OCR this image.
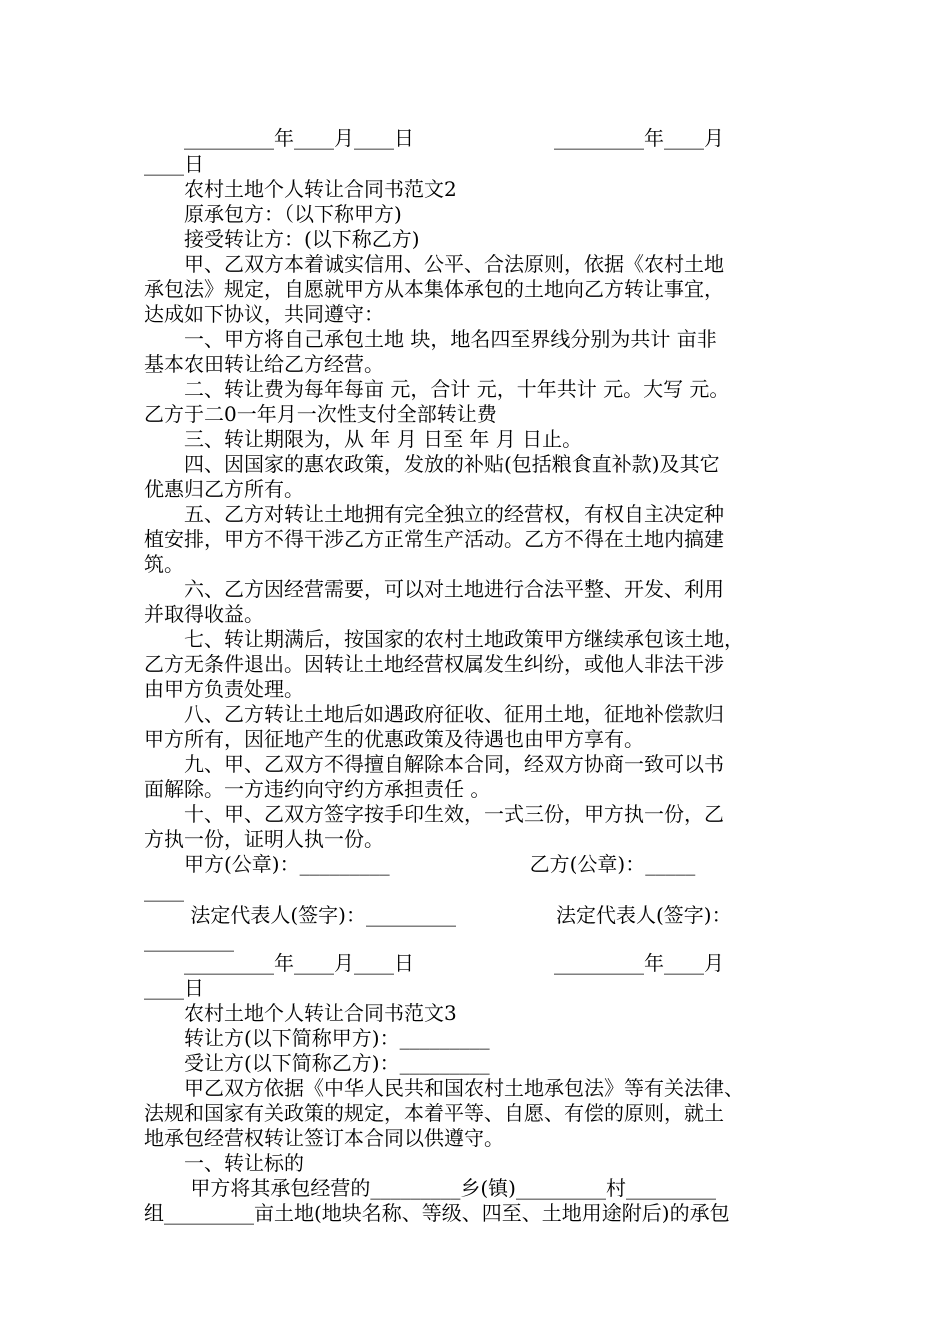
　　_________年____月____日　　　　　　　_________年____月
____日
　　农村土地个人转让合同书范文2
　　原承包方：（以下称甲方)
　　接受转让方：(以下称乙方)
　　甲、乙双方本着诚实信用、公平、合法原则，依据《农村土地
承包法》规定，自愿就甲方从本集体承包的土地向乙方转让事宜，
达成如下协议，共同遵守：
　　一、甲方将自己承包土地 块，地名四至界线分别为共计 亩非
基本农田转让给乙方经营。
　　二、转让费为每年每亩 元，合计 元，十年共计 元。大写 元。
乙方于二0一年月一次性支付全部转让费
　　三、转让期限为，从 年 月 日至 年 月 日止。
　　四、因国家的惠农政策，发放的补贴(包括粮食直补款)及其它
优惠归乙方所有。
　　五、乙方对转让土地拥有完全独立的经营权，有权自主决定种
植安排，甲方不得干涉乙方正常生产活动。乙方不得在土地内搞建
筑。
　　六、乙方因经营需要，可以对土地进行合法平整、开发、利用
并取得收益。
　　七、转让期满后，按国家的农村土地政策甲方继续承包该土地，
乙方无条件退出。因转让土地经营权属发生纠纷，或他人非法干涉
由甲方负责处理。
　　八、乙方转让土地后如遇政府征收、征用土地，征地补偿款归
甲方所有，因征地产生的优惠政策及待遇也由甲方享有。
　　九、甲、乙双方不得擅自解除本合同，经双方协商一致可以书
面解除。一方违约向守约方承担责任 。
　　十、甲、乙双方签字按手印生效，一式三份，甲方执一份，乙
方执一份，证明人执一份。
　　甲方(公章)：_________　　　　　　　乙方(公章)：_____
____
　　 法定代表人(签字)：_________　　　　　法定代表人(签字)：
_________
　　_________年____月____日　　　　　　　_________年____月
____日
　　农村土地个人转让合同书范文3
　　转让方(以下简称甲方)：_________
　　受让方(以下简称乙方)：_________
　　甲乙双方依据《中华人民共和国农村土地承包法》等有关法律、
法规和国家有关政策的规定，本着平等、自愿、有偿的原则，就土
地承包经营权转让签订本合同以供遵守。
　　一、转让标的
　　 甲方将其承包经营的_________乡(镇)_________村_________
组_________亩土地(地块名称、等级、四至、土地用途附后)的承包
